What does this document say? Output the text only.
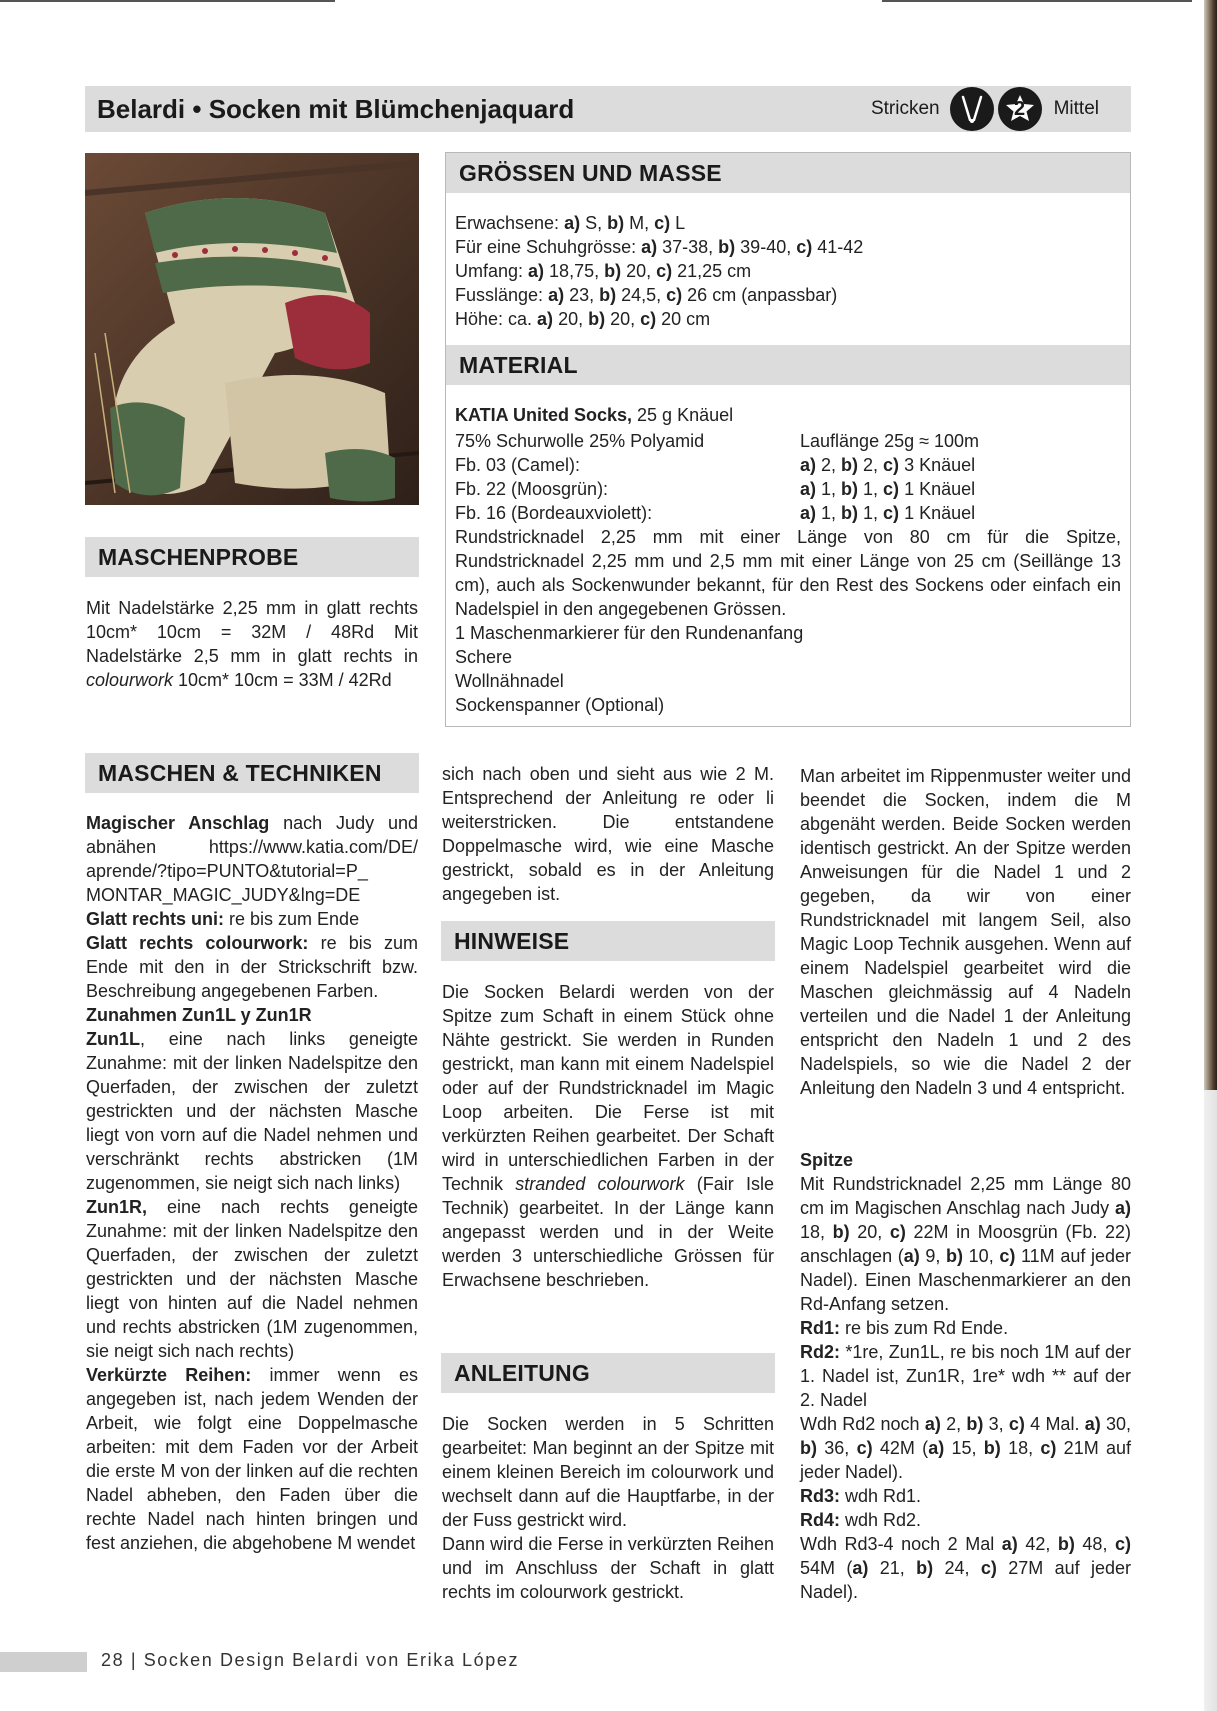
Belardi • Socken mit Blümchenjaquard	Stricken	2 Mittel
GRÖSSEN UND MASSE
Erwachsene: a) S, b) M, c) L
Für eine Schuhgrösse: a) 37-38, b) 39-40, c) 41-42
Umfang: a) 18,75, b) 20, c) 21,25 cm
Fusslänge: a) 23, b) 24,5, c) 26 cm (anpassbar)
Höhe: ca. a) 20, b) 20, c) 20 cm
MATERIAL
KATIA United Socks, 25 g Knäuel
75% Schurwolle 25% Polyamid	Lauflänge 25g ≈ 100m
Fb. 03 (Camel):	a) 2, b) 2, c) 3 Knäuel
Fb. 22 (Moosgrün):	a) 1, b) 1, c) 1 Knäuel
Fb. 16 (Bordeauxviolett):	a) 1, b) 1, c) 1 Knäuel
Rundstricknadel 2,25 mm mit einer Länge von 80 cm für die Spitze, Rundstricknadel 2,25 mm und 2,5 mm mit einer Länge von 25 cm (Seillänge 13 cm), auch als Sockenwunder bekannt, für den Rest des Sockens oder einfach ein Nadelspiel in den angegebenen Grössen.
1 Maschenmarkierer für den Rundenanfang
Schere
Wollnähnadel
Sockenspanner (Optional)
MASCHENPROBE
Mit Nadelstärke 2,25 mm in glatt rechts 10cm* 10cm = 32M / 48Rd Mit Nadelstärke 2,5 mm in glatt rechts in colourwork 10cm* 10cm = 33M / 42Rd
MASCHEN & TECHNIKEN
Magischer Anschlag nach Judy und abnähen https://www.katia.com/DE/ aprende/?tipo=PUNTO&tutorial=P_ MONTAR_MAGIC_JUDY&lng=DE
Glatt rechts uni: re bis zum Ende
Glatt rechts colourwork: re bis zum Ende mit den in der Strickschrift bzw. Beschreibung angegebenen Farben.
Zunahmen Zun1L y Zun1R
Zun1L, eine nach links geneigte Zunahme: mit der linken Nadelspitze den Querfaden, der zwischen der zuletzt gestrickten und der nächsten Masche liegt von vorn auf die Nadel nehmen und verschränkt rechts abstricken (1M zugenommen, sie neigt sich nach links)
Zun1R, eine nach rechts geneigte Zunahme: mit der linken Nadelspitze den Querfaden, der zwischen der zuletzt gestrickten und der nächsten Masche liegt von hinten auf die Nadel nehmen und rechts abstricken (1M zugenommen, sie neigt sich nach rechts)
Verkürzte Reihen: immer wenn es angegeben ist, nach jedem Wenden der Arbeit, wie folgt eine Doppelmasche arbeiten: mit dem Faden vor der Arbeit die erste M von der linken auf die rechten Nadel abheben, den Faden über die rechte Nadel nach hinten bringen und fest anziehen, die abgehobene M wendet
sich nach oben und sieht aus wie 2 M. Entsprechend der Anleitung re oder li weiterstricken. Die entstandene Doppelmasche wird, wie eine Masche gestrickt, sobald es in der Anleitung angegeben ist.
HINWEISE
Die Socken Belardi werden von der Spitze zum Schaft in einem Stück ohne Nähte gestrickt. Sie werden in Runden gestrickt, man kann mit einem Nadelspiel oder auf der Rundstricknadel im Magic Loop arbeiten. Die Ferse ist mit verkürzten Reihen gearbeitet. Der Schaft wird in unterschiedlichen Farben in der Technik stranded colourwork (Fair Isle Technik) gearbeitet. In der Länge kann angepasst werden und in der Weite werden 3 unterschiedliche Grössen für Erwachsene beschrieben.
ANLEITUNG
Die Socken werden in 5 Schritten gearbeitet: Man beginnt an der Spitze mit einem kleinen Bereich im colourwork und wechselt dann auf die Hauptfarbe, in der der Fuss gestrickt wird.
Dann wird die Ferse in verkürzten Reihen und im Anschluss der Schaft in glatt rechts im colourwork gestrickt.
Man arbeitet im Rippenmuster weiter und beendet die Socken, indem die M abgenäht werden. Beide Socken werden identisch gestrickt. An der Spitze werden Anweisungen für die Nadel 1 und 2 gegeben, da wir von einer Rundstricknadel mit langem Seil, also Magic Loop Technik ausgehen. Wenn auf einem Nadelspiel gearbeitet wird die Maschen gleichmässig auf 4 Nadeln verteilen und die Nadel 1 der Anleitung entspricht den Nadeln 1 und 2 des Nadelspiels, so wie die Nadel 2 der Anleitung den Nadeln 3 und 4 entspricht.
Spitze
Mit Rundstricknadel 2,25 mm Länge 80 cm im Magischen Anschlag nach Judy a) 18, b) 20, c) 22M in Moosgrün (Fb. 22) anschlagen (a) 9, b) 10, c) 11M auf jeder Nadel). Einen Maschenmarkierer an den Rd-Anfang setzen.
Rd1: re bis zum Rd Ende.
Rd2: *1re, Zun1L, re bis noch 1M auf der 1. Nadel ist, Zun1R, 1re* wdh ** auf der 2. Nadel
Wdh Rd2 noch a) 2, b) 3, c) 4 Mal. a) 30, b) 36, c) 42M (a) 15, b) 18, c) 21M auf jeder Nadel).
Rd3: wdh Rd1.
Rd4: wdh Rd2.
Wdh Rd3-4 noch 2 Mal a) 42, b) 48, c) 54M (a) 21, b) 24, c) 27M auf jeder Nadel).
28 | Socken Design Belardi von Erika López
